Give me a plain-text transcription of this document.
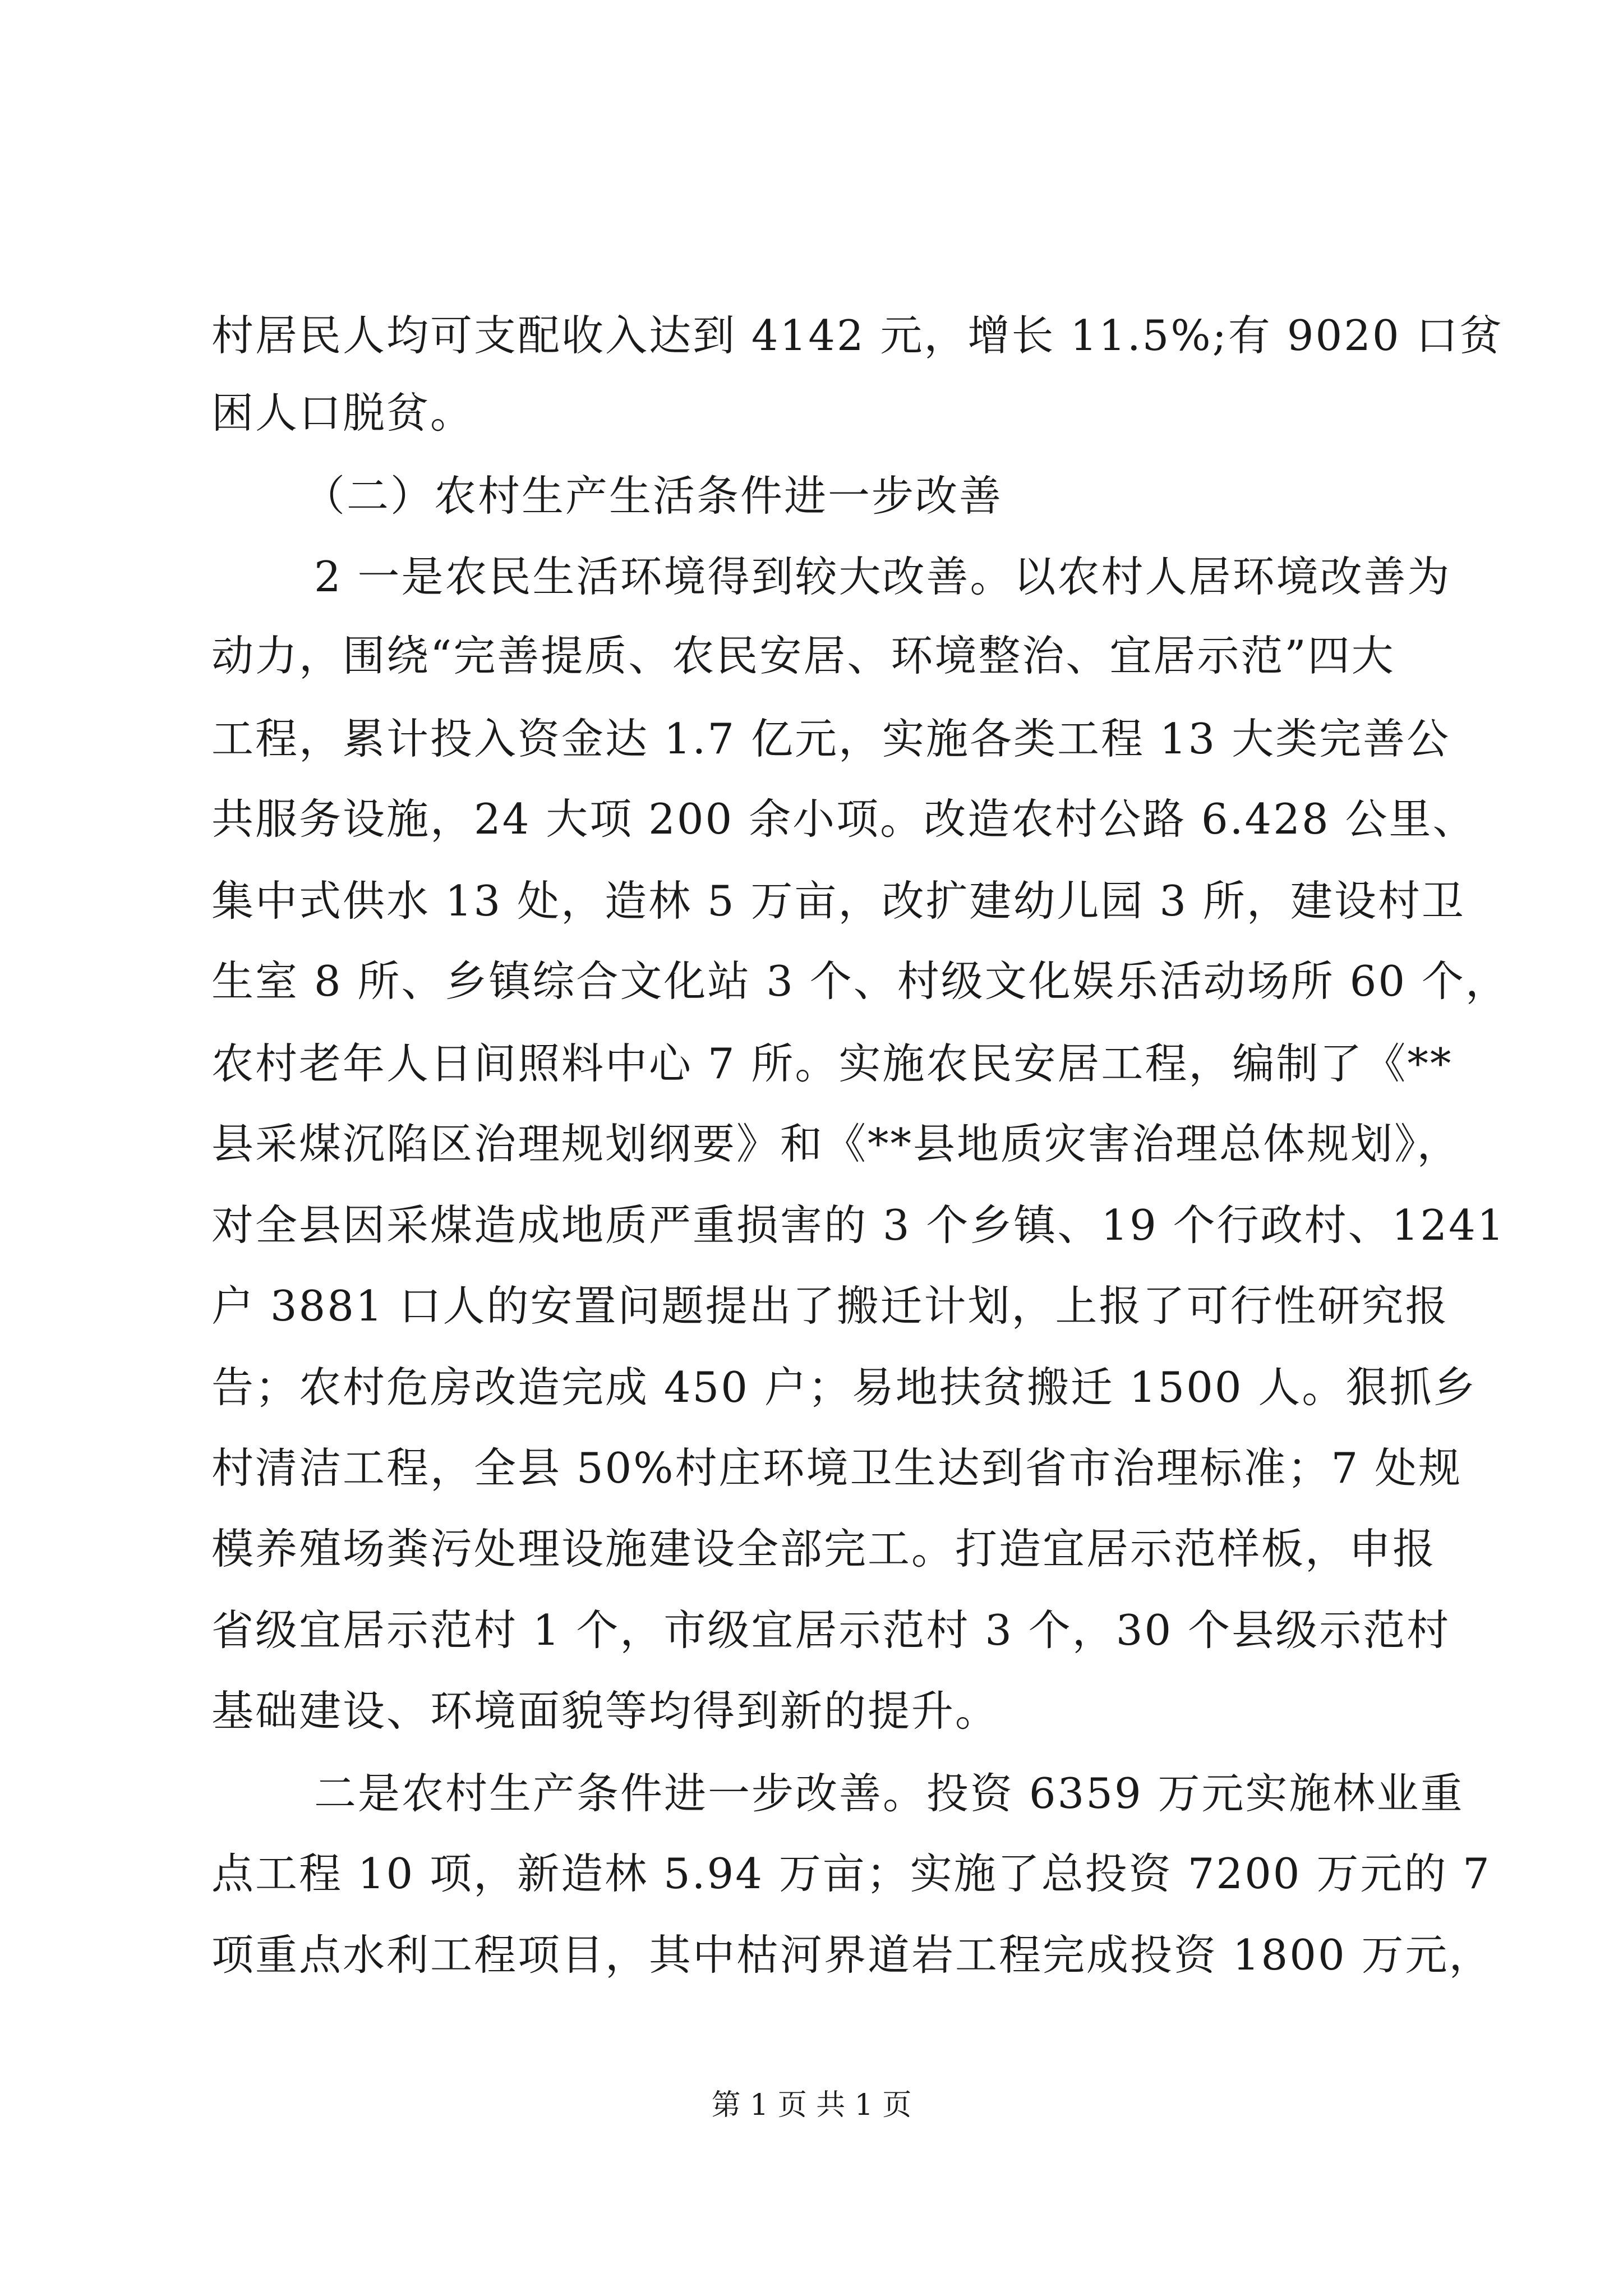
村居民人均可支配收入达到 4142 元，增长 11.5%;有 9020 口贫
困人口脱贫。
（二）农村生产生活条件进一步改善
2 一是农民生活环境得到较大改善。以农村人居环境改善为
动力，围绕“完善提质、农民安居、环境整治、宜居示范”四大
工程，累计投入资金达 1.7 亿元，实施各类工程 13 大类完善公
共服务设施，24 大项 200 余小项。改造农村公路 6.428 公里、
集中式供水 13 处，造林 5 万亩，改扩建幼儿园 3 所，建设村卫
生室 8 所、乡镇综合文化站 3 个、村级文化娱乐活动场所 60 个，
农村老年人日间照料中心 7 所。实施农民安居工程，编制了《**
县采煤沉陷区治理规划纲要》和《**县地质灾害治理总体规划》，
对全县因采煤造成地质严重损害的 3 个乡镇、19 个行政村、1241
户 3881 口人的安置问题提出了搬迁计划，上报了可行性研究报
告；农村危房改造完成 450 户；易地扶贫搬迁 1500 人。狠抓乡
村清洁工程，全县 50%村庄环境卫生达到省市治理标准；7 处规
模养殖场粪污处理设施建设全部完工。打造宜居示范样板，申报
省级宜居示范村 1 个，市级宜居示范村 3 个，30 个县级示范村
基础建设、环境面貌等均得到新的提升。
二是农村生产条件进一步改善。投资 6359 万元实施林业重
点工程 10 项，新造林 5.94 万亩；实施了总投资 7200 万元的 7
项重点水利工程项目，其中枯河界道岩工程完成投资 1800 万元，
第 1 页 共 1 页
